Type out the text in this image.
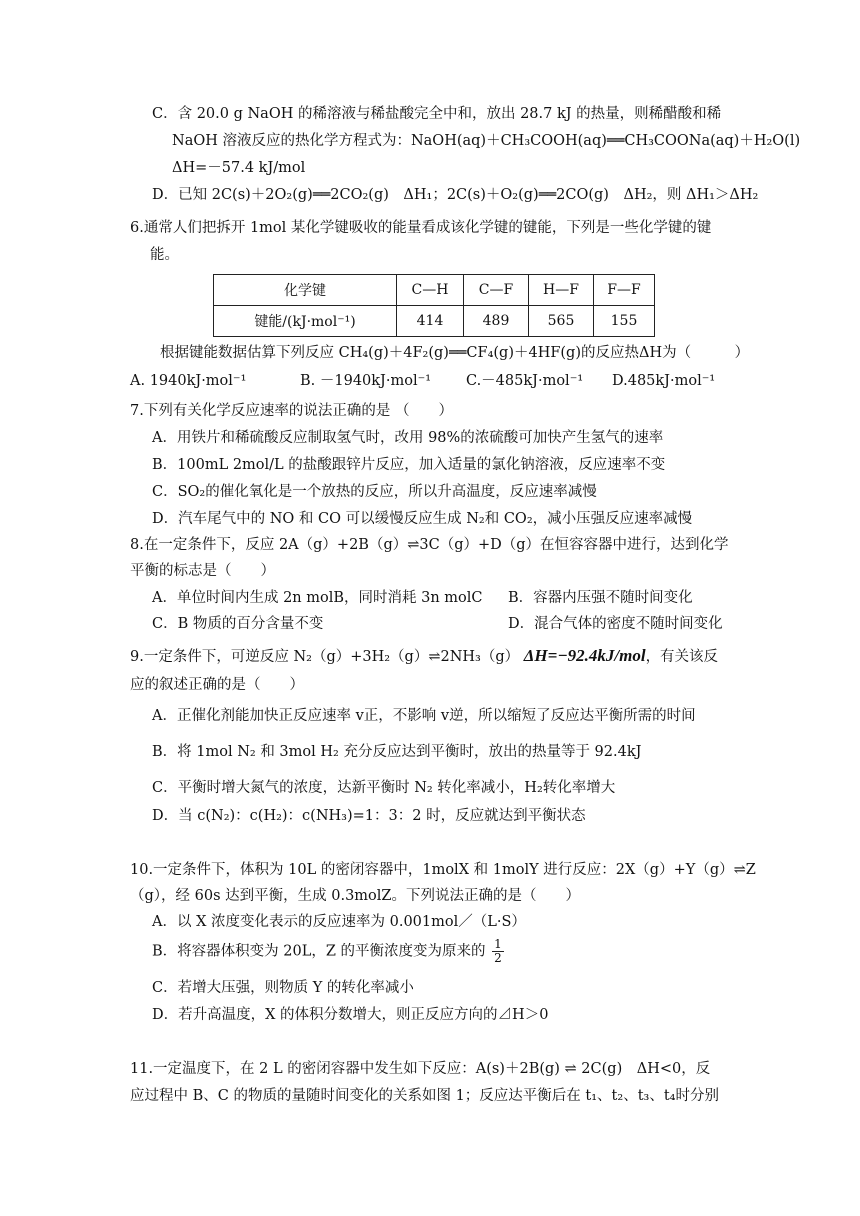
C．含 20.0 g NaOH 的稀溶液与稀盐酸完全中和，放出 28.7 kJ 的热量，则稀醋酸和稀
NaOH 溶液反应的热化学方程式为：NaOH(aq)＋CH₃COOH(aq)══CH₃COONa(aq)＋H₂O(l)
ΔH=－57.4 kJ/mol
D．已知 2C(s)＋2O₂(g)══2CO₂(g)　ΔH₁；2C(s)＋O₂(g)══2CO(g)　ΔH₂，则 ΔH₁＞ΔH₂
6.通常人们把拆开 1mol 某化学键吸收的能量看成该化学键的键能，下列是一些化学键的键
能。
化学键	C—H	C—F	H—F	F—F
键能/(kJ·mol⁻¹)	414	489	565	155
根据键能数据估算下列反应 CH₄(g)＋4F₂(g)══CF₄(g)＋4HF(g)的反应热ΔH为（　　　）
A. 1940kJ·mol⁻¹	B. －1940kJ·mol⁻¹ C.－485kJ·mol⁻¹ D.485kJ·mol⁻¹
7.下列有关化学反应速率的说法正确的是 （　　）
A．用铁片和稀硫酸反应制取氢气时，改用 98%的浓硫酸可加快产生氢气的速率
B．100mL 2mol/L 的盐酸跟锌片反应，加入适量的氯化钠溶液，反应速率不变
C．SO₂的催化氧化是一个放热的反应，所以升高温度，反应速率减慢
D．汽车尾气中的 NO 和 CO 可以缓慢反应生成 N₂和 CO₂，减小压强反应速率减慢
8.在一定条件下，反应 2A（g）+2B（g）⇌3C（g）+D（g）在恒容容器中进行，达到化学
平衡的标志是（　　）
A．单位时间内生成 2n molB，同时消耗 3n molC B．容器内压强不随时间变化
C．B 物质的百分含量不变	D．混合气体的密度不随时间变化
9.一定条件下，可逆反应 N₂（g）+3H₂（g）⇌2NH₃（g） ΔH=−92.4kJ/mol，有关该反
应的叙述正确的是（　　）
A．正催化剂能加快正反应速率 v正，不影响 v逆，所以缩短了反应达平衡所需的时间
B．将 1mol N₂ 和 3mol H₂ 充分反应达到平衡时，放出的热量等于 92.4kJ
C．平衡时增大氮气的浓度，达新平衡时 N₂ 转化率减小，H₂转化率增大
D．当 c(N₂)：c(H₂)：c(NH₃)=1：3：2 时，反应就达到平衡状态
10.一定条件下，体积为 10L 的密闭容器中，1molX 和 1molY 进行反应：2X（g）+Y（g）⇌Z
（g），经 60s 达到平衡，生成 0.3molZ。下列说法正确的是（　　）
A．以 X 浓度变化表示的反应速率为 0.001mol／（L·S）
B．将容器体积变为 20L，Z 的平衡浓度变为原来的 $\frac{1}{2}$
C．若增大压强，则物质 Y 的转化率减小
D．若升高温度，X 的体积分数增大，则正反应方向的⊿H＞0
11.一定温度下，在 2 L 的密闭容器中发生如下反应：A(s)＋2B(g) ⇌ 2C(g)　ΔH<0，反
应过程中 B、C 的物质的量随时间变化的关系如图 1；反应达平衡后在 t₁、t₂、t₃、t₄时分别
